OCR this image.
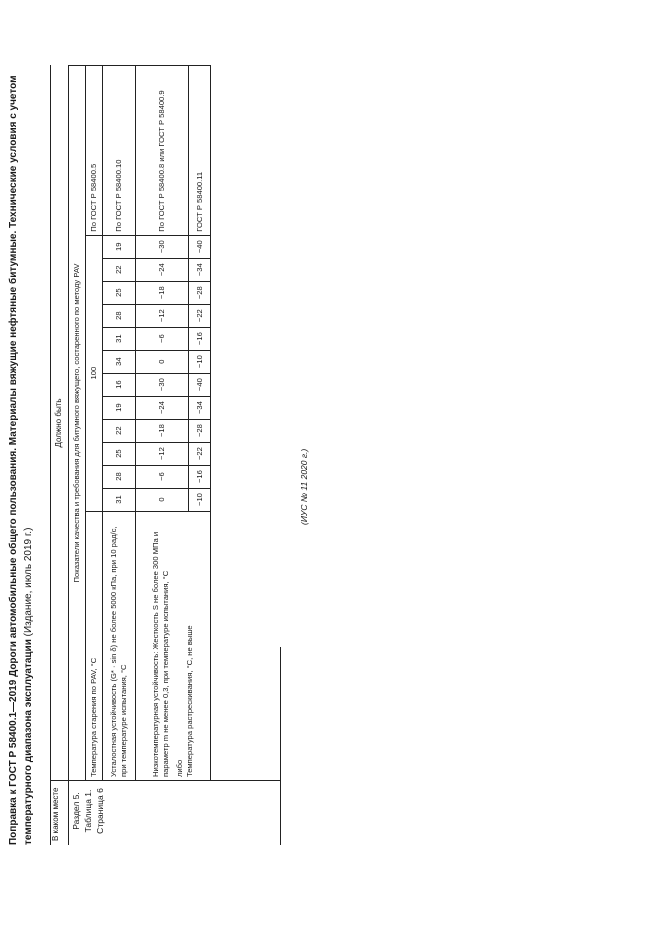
Поправка к ГОСТ Р 58400.1—2019 Дороги автомобильные общего пользования. Материалы вяжущие нефтяные битумные. Технические условия с учетом температурного диапазона эксплуатации (Издание, июль 2019 г.)
В каком месте Раздел 5. Таблица 1. Страница 6
Должно быть	Показатели качества и требования для битумного вяжущего, состаренного по методу PAV													
Температура старения по PAV, °С	100												По ГОСТ Р 58400.5
Усталостная устойчивость (G* · sin δ) не более 5000 кПа, при 10 рад/с, при температуре испытания, °С	31	28	25	22	19	16	34	31	28	25	22	19	По ГОСТ Р 58400.10

Низкотемпературная устойчивость: Жесткость S не более 300 МПа и параметр m не менее 0,3, при температуре испытания, °С либо Температура растрескивания, °С, не выше	0	−6	−12	−18	−24	−30	0	−6	−12	−18	−24	−30	По ГОСТ Р 58400.8 или ГОСТ Р 58400.9
	−10	−16	−22	−28	−34	−40	−10	−16	−22	−28	−34	−40	ГОСТ Р 58400.11
(ИУС № 11 2020 г.)
